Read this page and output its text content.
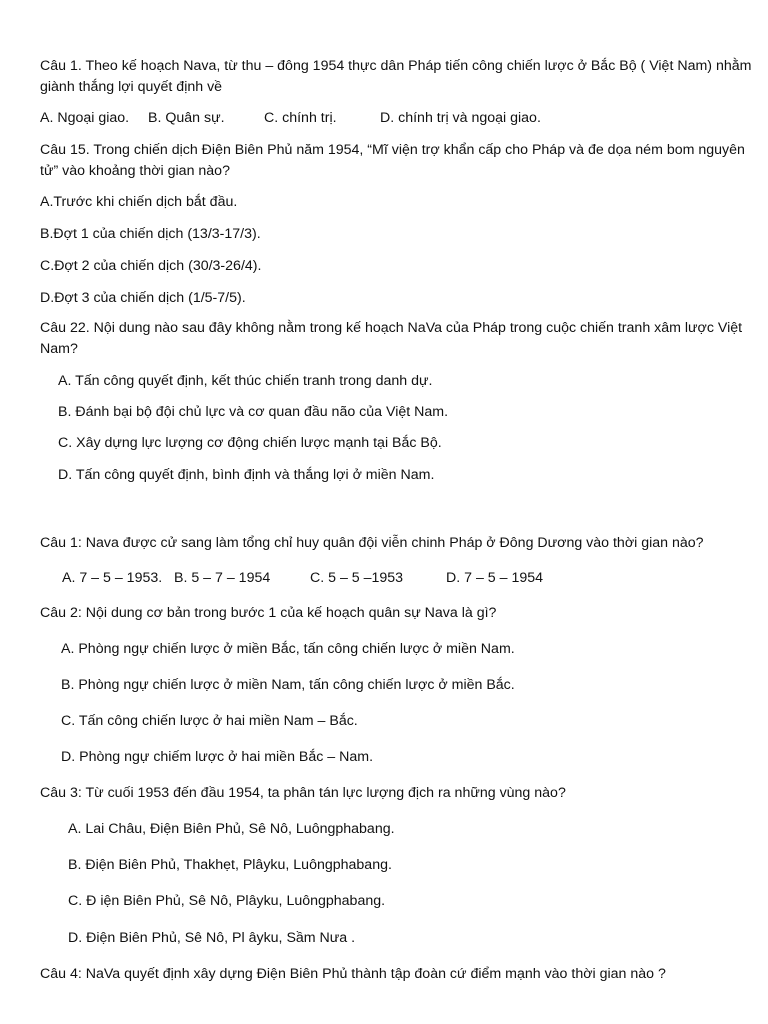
Câu 1. Theo kế hoạch Nava, từ thu – đông 1954 thực dân Pháp tiến công chiến lược ở Bắc Bộ ( Việt Nam) nhằm giành thắng lợi quyết định về

A. Ngoại giao. B. Quân sự.	C. chính trị.	D. chính trị và ngoại giao.

Câu 15. Trong chiến dịch Điện Biên Phủ năm 1954, “Mĩ viện trợ khẩn cấp cho Pháp và đe dọa ném bom nguyên tử” vào khoảng thời gian nào?

A.Trước khi chiến dịch bắt đầu.

B.Đợt 1 của chiến dịch (13/3-17/3).

C.Đợt 2 của chiến dịch (30/3-26/4).

D.Đợt 3 của chiến dịch (1/5-7/5).

Câu 22. Nội dung nào sau đây không nằm trong kế hoạch NaVa của Pháp trong cuộc chiến tranh xâm lược Việt Nam?

A. Tấn công quyết định, kết thúc chiến tranh trong danh dự.

B. Đánh bại bộ đội chủ lực và cơ quan đầu não của Việt Nam.

C. Xây dựng lực lượng cơ động chiến lược mạnh tại Bắc Bộ.

D. Tấn công quyết định, bình định và thắng lợi ở miền Nam.

Câu 1: Nava được cử sang làm tổng chỉ huy quân đội viễn chinh Pháp ở Đông Dương vào thời gian nào?

A. 7 – 5 – 1953. B. 5 – 7 – 1954	C. 5 – 5 –1953	D. 7 – 5 – 1954

Câu 2: Nội dung cơ bản trong bước 1 của kế hoạch quân sự Nava là gì?

A. Phòng ngự chiến lược ở miền Bắc, tấn công chiến lược ở miền Nam.

B. Phòng ngự chiến lược ở miền Nam, tấn công chiến lược ở miền Bắc.

C. Tấn công chiến lược ở hai miền Nam – Bắc.

D. Phòng ngự chiếm lược ở hai miền Bắc – Nam.

Câu 3: Từ cuối 1953 đến đầu 1954, ta phân tán lực lượng địch ra những vùng nào?

A. Lai Châu, Điện Biên Phủ, Sê Nô, Luôngphabang.

B. Điện Biên Phủ, Thakhẹt, Plâyku, Luôngphabang.

C. Đ iện Biên Phủ, Sê Nô, Plâyku, Luôngphabang.

D. Điện Biên Phủ, Sê Nô, Pl âyku, Sầm Nưa .

Câu 4: NaVa quyết định xây dựng Điện Biên Phủ thành tập đoàn cứ điểm mạnh vào thời gian nào ?
